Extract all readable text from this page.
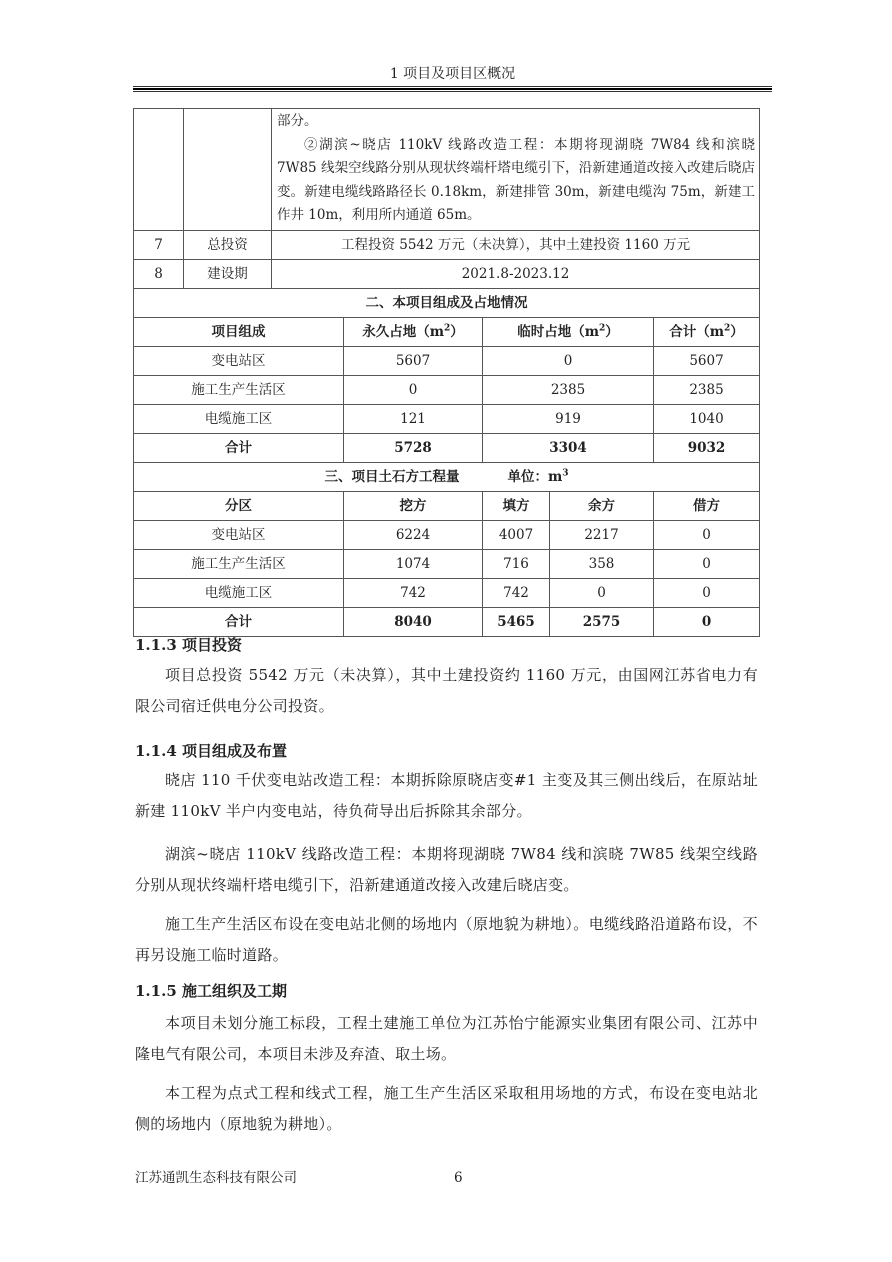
1 项目及项目区概况

		部分。
②湖滨~晓店 110kV 线路改造工程：本期将现湖晓 7W84 线和滨晓 7W85 线架空线路分别从现状终端杆塔电缆引下，沿新建通道改接入改建后晓店变。新建电缆线路路径长 0.18km，新建排管 30m，新建电缆沟 75m，新建工作井 10m，利用所内通道 65m。				

7	总投资	工程投资 5542 万元（未决算），其中土建投资 1160 万元				
8	建设期	2021.8-2023.12				
二、本项目组成及占地情况						
项目组成			永久占地$(m^2)$	临时占地$(m^2)$		合计$(m^2)$
变电站区			5607	0		5607
施工生产生活区			0	2385		2385
电缆施工区			121	919		1040
合计			5728	3304		9032
三、项目土石方工程量 单位：$m^3$
分区			挖方	填方	余方	借方
变电站区			6224	4007	2217	0
施工生产生活区			1074	716	358	0
电缆施工区			742	742	0	0
合计			8040	5465	2575	0
1.1.3 项目投资
项目总投资 5542 万元（未决算），其中土建投资约 1160 万元，由国网江苏省电力有限公司宿迁供电分公司投资。
1.1.4 项目组成及布置
晓店 110 千伏变电站改造工程：本期拆除原晓店变#1 主变及其三侧出线后，在原站址新建 110kV 半户内变电站，待负荷导出后拆除其余部分。
湖滨~晓店 110kV 线路改造工程：本期将现湖晓 7W84 线和滨晓 7W85 线架空线路分别从现状终端杆塔电缆引下，沿新建通道改接入改建后晓店变。
施工生产生活区布设在变电站北侧的场地内（原地貌为耕地）。电缆线路沿道路布设，不再另设施工临时道路。
1.1.5 施工组织及工期
本项目未划分施工标段，工程土建施工单位为江苏怡宁能源实业集团有限公司、江苏中隆电气有限公司，本项目未涉及弃渣、取土场。
本工程为点式工程和线式工程，施工生产生活区采取租用场地的方式，布设在变电站北侧的场地内（原地貌为耕地）。
江苏通凯生态科技有限公司	6
